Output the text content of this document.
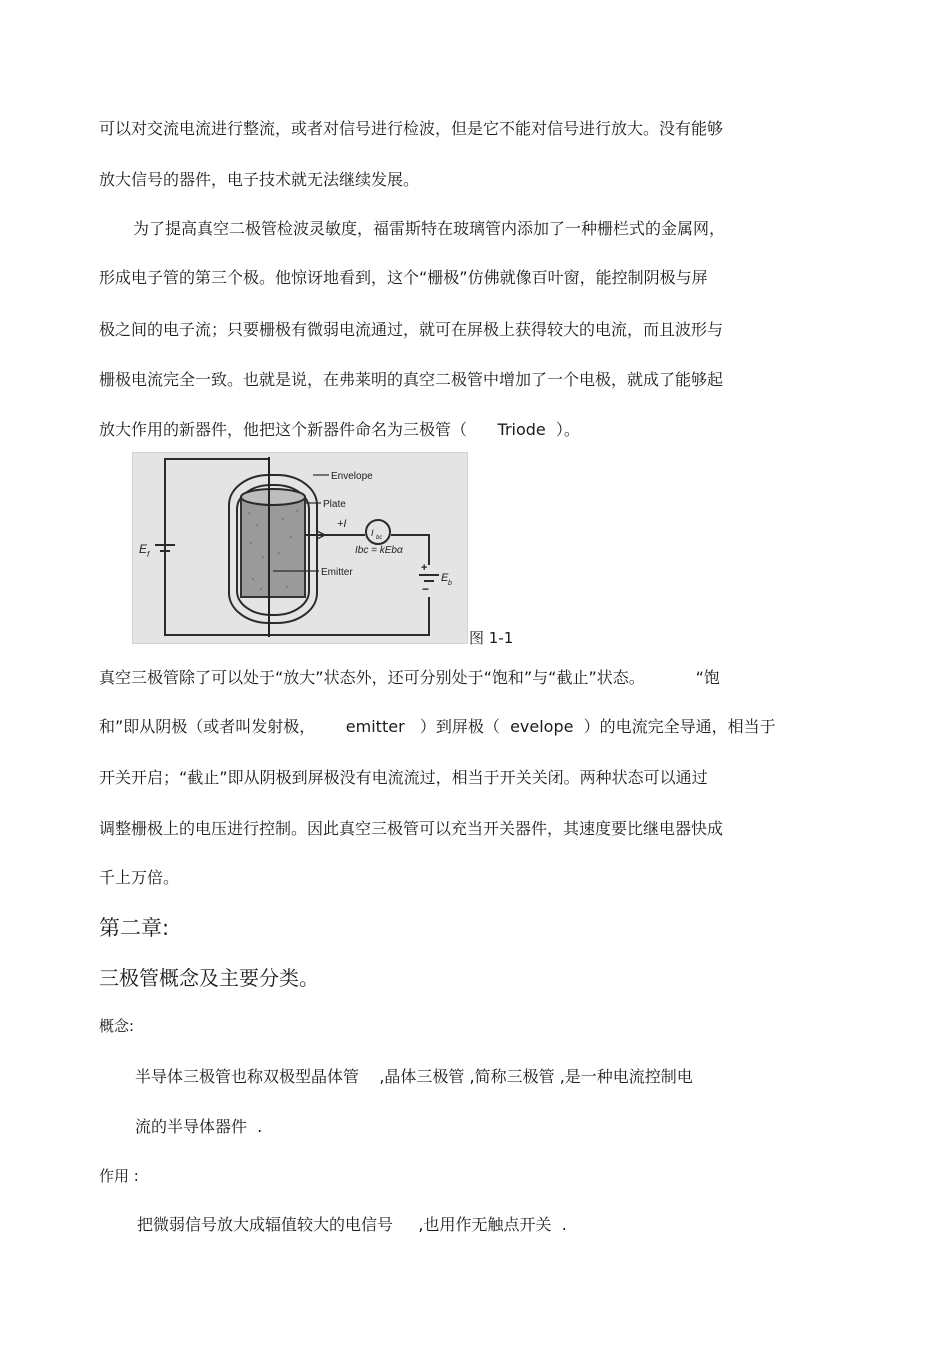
可以对交流电流进行整流，或者对信号进行检波，但是它不能对信号进行放大。没有能够
放大信号的器件，电子技术就无法继续发展。
为了提高真空二极管检波灵敏度，福雷斯特在玻璃管内添加了一种栅栏式的金属网，
形成电子管的第三个极。他惊讶地看到，这个“栅极”仿佛就像百叶窗，能控制阴极与屏
极之间的电子流；只要栅极有微弱电流通过，就可在屏极上获得较大的电流，而且波形与
栅极电流完全一致。也就是说，在弗莱明的真空二极管中增加了一个电极，就成了能够起
放大作用的新器件，他把这个新器件命名为三极管（      Triode  ）。
Envelope
Plate
Emitter
E f
+I
I bc
Ibc = kEbα
+
−
E b
图 1-1
真空三极管除了可以处于“放大”状态外，还可分别处于“饱和”与“截止”状态。          “饱
和”即从阴极（或者叫发射极，      emitter   ）到屏极（  evelope  ）的电流完全导通，相当于
开关开启；“截止”即从阴极到屏极没有电流流过，相当于开关关闭。两种状态可以通过
调整栅极上的电压进行控制。因此真空三极管可以充当开关器件，其速度要比继电器快成
千上万倍。
第二章:
三极管概念及主要分类。
概念:
半导体三极管也称双极型晶体管    ,晶体三极管 ,简称三极管 ,是一种电流控制电
流的半导体器件  .
作用 :
把微弱信号放大成辐值较大的电信号     ,也用作无触点开关  .
